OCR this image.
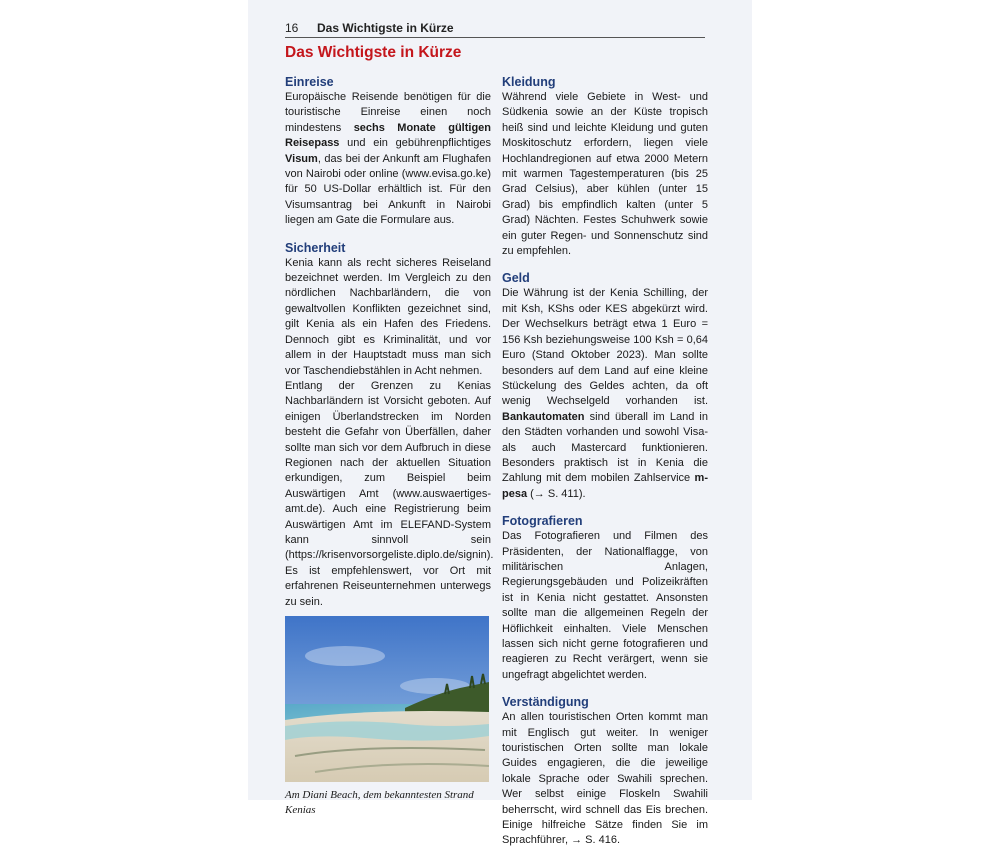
16 Das Wichtigste in Kürze
Das Wichtigste in Kürze
Einreise

Europäische Reisende benötigen für die touristische Einreise einen noch mindestens sechs Monate gültigen Reisepass und ein gebührenpflichtiges Visum, das bei der Ankunft am Flughafen von Nairobi oder online (www.evisa.go.ke) für 50 US-Dollar erhältlich ist. Für den Visumsantrag bei Ankunft in Nairobi liegen am Gate die Formulare aus.

Sicherheit

Kenia kann als recht sicheres Reiseland bezeichnet werden. Im Vergleich zu den nördlichen Nachbarländern, die von gewaltvollen Konflikten gezeichnet sind, gilt Kenia als ein Hafen des Friedens. Dennoch gibt es Kriminalität, und vor allem in der Hauptstadt muss man sich vor Taschendiebstählen in Acht nehmen.

Entlang der Grenzen zu Kenias Nachbarländern ist Vorsicht geboten. Auf einigen Überlandstrecken im Norden besteht die Gefahr von Überfällen, daher sollte man sich vor dem Aufbruch in diese Regionen nach der aktuellen Situation erkundigen, zum Beispiel beim Auswärtigen Amt (www.auswaertiges-amt.de). Auch eine Registrierung beim Auswärtigen Amt im ELEFAND-System kann sinnvoll sein (https://krisenvorsorgeliste.diplo.de/signin). Es ist empfehlenswert, vor Ort mit erfahrenen Reiseunternehmen unterwegs zu sein.

Am Diani Beach, dem bekanntesten Strand Kenias
Kleidung

Während viele Gebiete in West- und Südkenia sowie an der Küste tropisch heiß sind und leichte Kleidung und guten Moskitoschutz erfordern, liegen viele Hochlandregionen auf etwa 2000 Metern mit warmen Tagestemperaturen (bis 25 Grad Celsius), aber kühlen (unter 15 Grad) bis empfindlich kalten (unter 5 Grad) Nächten. Festes Schuhwerk sowie ein guter Regen- und Sonnenschutz sind zu empfehlen.

Geld

Die Währung ist der Kenia Schilling, der mit Ksh, KShs oder KES abgekürzt wird. Der Wechselkurs beträgt etwa 1 Euro = 156 Ksh beziehungsweise 100 Ksh = 0,64 Euro (Stand Oktober 2023). Man sollte besonders auf dem Land auf eine kleine Stückelung des Geldes achten, da oft wenig Wechselgeld vorhanden ist. Bankautomaten sind überall im Land in den Städten vorhanden und sowohl Visa- als auch Mastercard funktionieren. Besonders praktisch ist in Kenia die Zahlung mit dem mobilen Zahlservice m-pesa (→ S. 411).

Fotografieren

Das Fotografieren und Filmen des Präsidenten, der Nationalflagge, von militärischen Anlagen, Regierungsgebäuden und Polizeikräften ist in Kenia nicht gestattet. Ansonsten sollte man die allgemeinen Regeln der Höflichkeit einhalten. Viele Menschen lassen sich nicht gerne fotografieren und reagieren zu Recht verärgert, wenn sie ungefragt abgelichtet werden.

Verständigung

An allen touristischen Orten kommt man mit Englisch gut weiter. In weniger touristischen Orten sollte man lokale Guides engagieren, die die jeweilige lokale Sprache oder Swahili sprechen. Wer selbst einige Floskeln Swahili beherrscht, wird schnell das Eis brechen. Einige hilfreiche Sätze finden Sie im Sprachführer, → S. 416.
